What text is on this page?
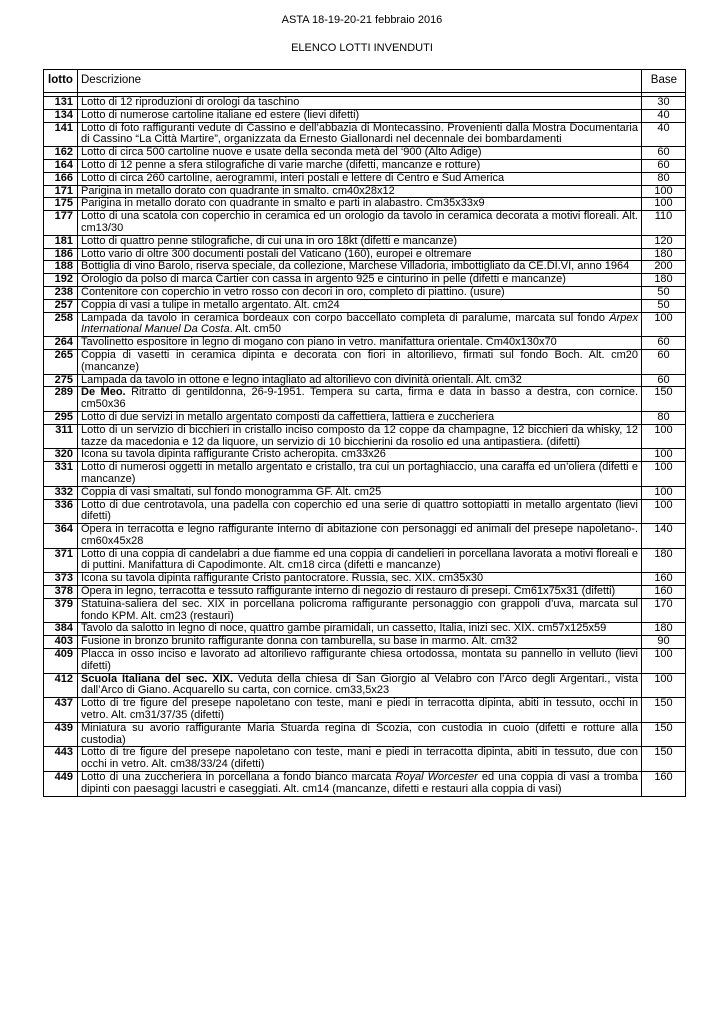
ASTA 18-19-20-21 febbraio 2016
ELENCO LOTTI INVENDUTI
lotto	Descrizione	Base

131	Lotto di 12 riproduzioni di orologi da taschino	30
134	Lotto di numerose cartoline italiane ed estere (lievi difetti)	40
141	Lotto di foto raffiguranti vedute di Cassino e dell’abbazia di Montecassino. Provenienti dalla Mostra Documentaria di Cassino “La Città Martire”, organizzata da Ernesto Giallonardi nel decennale dei bombardamenti	40
162	Lotto di circa 500 cartoline nuove e usate della seconda metà del ‘900 (Alto Adige)	60
164	Lotto di 12 penne a sfera stilografiche di varie marche (difetti, mancanze e rotture)	60
166	Lotto di circa 260 cartoline, aerogrammi, interi postali e lettere di Centro e Sud America	80
171	Parigina in metallo dorato con quadrante in smalto. cm40x28x12	100
175	Parigina in metallo dorato con quadrante in smalto e parti in alabastro. Cm35x33x9	100
177	Lotto di una scatola con coperchio in ceramica ed un orologio da tavolo in ceramica decorata a motivi floreali. Alt. cm13/30	110
181	Lotto di quattro penne stilografiche, di cui una in oro 18kt (difetti e mancanze)	120
186	Lotto vario di oltre 300 documenti postali del Vaticano (160), europei e oltremare	180
188	Bottiglia di vino Barolo, riserva speciale, da collezione, Marchese Villadoria, imbottigliato da CE.DI.VI, anno 1964	200
192	Orologio da polso di marca Cartier con cassa in argento 925 e cinturino in pelle (difetti e mancanze)	180
238	Contenitore con coperchio in vetro rosso con decori in oro, completo di piattino. (usure)	50
257	Coppia di vasi a tulipe in metallo argentato. Alt. cm24	50
258	Lampada da tavolo in ceramica bordeaux con corpo baccellato completa di paralume, marcata sul fondo Arpex International Manuel Da Costa. Alt. cm50	100
264	Tavolinetto espositore in legno di mogano con piano in vetro. manifattura orientale. Cm40x130x70	60
265	Coppia di vasetti in ceramica dipinta e decorata con fiori in altorilievo, firmati sul fondo Boch. Alt. cm20 (mancanze)	60
275	Lampada da tavolo in ottone e legno intagliato ad altorilievo con divinità orientali. Alt. cm32	60
289	De Meo. Ritratto di gentildonna, 26-9-1951. Tempera su carta, firma e data in basso a destra, con cornice. cm50x36	150
295	Lotto di due servizi in metallo argentato composti da caffettiera, lattiera e zuccheriera	80
311	Lotto di un servizio di bicchieri in cristallo inciso composto da 12 coppe da champagne, 12 bicchieri da whisky, 12 tazze da macedonia e 12 da liquore, un servizio di 10 bicchierini da rosolio ed una antipastiera. (difetti)	100
320	Icona su tavola dipinta raffigurante Cristo acheropita. cm33x26	100
331	Lotto di numerosi oggetti in metallo argentato e cristallo, tra cui un portaghiaccio, una caraffa ed un’oliera (difetti e mancanze)	100
332	Coppia di vasi smaltati, sul fondo monogramma GF. Alt. cm25	100
336	Lotto di due centrotavola, una padella con coperchio ed una serie di quattro sottopiatti in metallo argentato (lievi difetti)	100
364	Opera in terracotta e legno raffigurante interno di abitazione con personaggi ed animali del presepe napoletano-. cm60x45x28	140
371	Lotto di una coppia di candelabri a due fiamme ed una coppia di candelieri in porcellana lavorata a motivi floreali e di puttini. Manifattura di Capodimonte. Alt. cm18 circa (difetti e mancanze)	180
373	Icona su tavola dipinta raffigurante Cristo pantocratore. Russia, sec. XIX. cm35x30	160
378	Opera in legno, terracotta e tessuto raffigurante interno di negozio di restauro di presepi. Cm61x75x31 (difetti)	160
379	Statuina-saliera del sec. XIX in porcellana policroma raffigurante personaggio con grappoli d’uva, marcata sul fondo KPM. Alt. cm23 (restauri)	170
384	Tavolo da salotto in legno di noce, quattro gambe piramidali, un cassetto, Italia, inizi sec. XIX. cm57x125x59	180
403	Fusione in bronzo brunito raffigurante donna con tamburella, su base in marmo. Alt. cm32	90
409	Placca in osso inciso e lavorato ad altorilievo raffigurante chiesa ortodossa, montata su pannello in velluto (lievi difetti)	100
412	Scuola Italiana del sec. XIX. Veduta della chiesa di San Giorgio al Velabro con l’Arco degli Argentari., vista dall’Arco di Giano. Acquarello su carta, con cornice. cm33,5x23	100
437	Lotto di tre figure del presepe napoletano con teste, mani e piedi in terracotta dipinta, abiti in tessuto, occhi in vetro. Alt. cm31/37/35 (difetti)	150
439	Miniatura su avorio raffigurante Maria Stuarda regina di Scozia, con custodia in cuoio (difetti e rotture alla custodia)	150
443	Lotto di tre figure del presepe napoletano con teste, mani e piedi in terracotta dipinta, abiti in tessuto, due con occhi in vetro. Alt. cm38/33/24 (difetti)	150
449	Lotto di una zuccheriera in porcellana a fondo bianco marcata Royal Worcester ed una coppia di vasi a tromba dipinti con paesaggi lacustri e caseggiati. Alt. cm14 (mancanze, difetti e restauri alla coppia di vasi)	160
